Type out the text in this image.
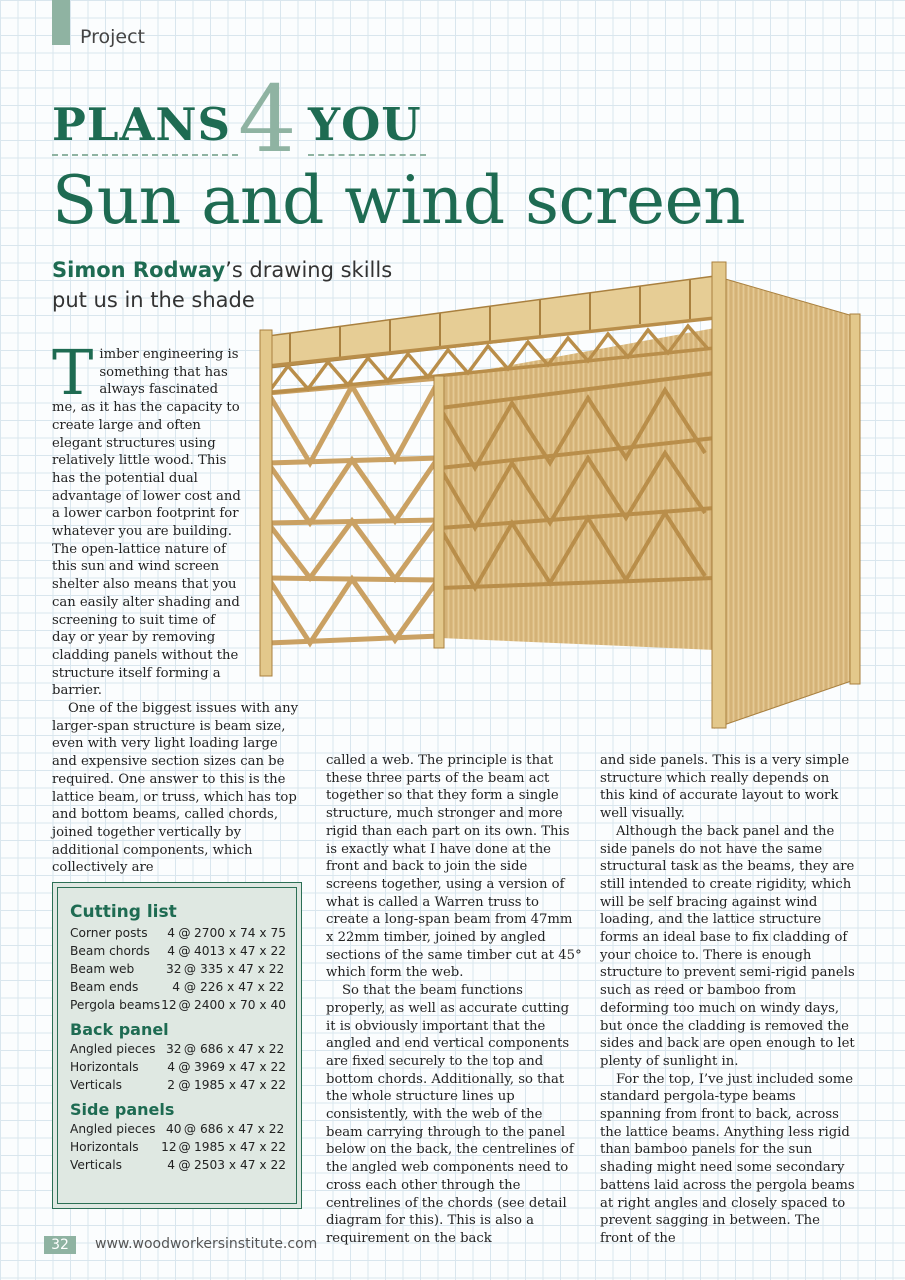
Project
PLANS 4 YOU
Sun and wind screen
Simon Rodway’s drawing skills
put us in the shade
Timber engineering is something that has always fascinated me, as it has the capacity to create large and often elegant structures using relatively little wood. This has the potential dual advantage of lower cost and a lower carbon footprint for whatever you are building. The open-lattice nature of this sun and wind screen shelter also means that you can easily alter shading and screening to suit time of day or year by removing cladding panels without the structure itself forming a barrier.

One of the biggest issues with any larger-span structure is beam size, even with very light loading large and expensive section sizes can be required. One answer to this is the lattice beam, or truss, which has top and bottom beams, called chords, joined together vertically by additional components, which collectively are

called a web. The principle is that these three parts of the beam act together so that they form a single structure, much stronger and more rigid than each part on its own. This is exactly what I have done at the front and back to join the side screens together, using a version of what is called a Warren truss to create a long-span beam from 47mm x 22mm timber, joined by angled sections of the same timber cut at 45° which form the web.

So that the beam functions properly, as well as accurate cutting it is obviously important that the angled and end vertical components are fixed securely to the top and bottom chords. Additionally, so that the whole structure lines up consistently, with the web of the beam carrying through to the panel below on the back, the centrelines of the angled web components need to cross each other through the centrelines of the chords (see detail diagram for this). This is also a requirement on the back

and side panels. This is a very simple structure which really depends on this kind of accurate layout to work well visually.

Although the back panel and the side panels do not have the same structural task as the beams, they are still intended to create rigidity, which will be self bracing against wind loading, and the lattice structure forms an ideal base to fix cladding of your choice to. There is enough structure to prevent semi-rigid panels such as reed or bamboo from deforming too much on windy days, but once the cladding is removed the sides and back are open enough to let plenty of sunlight in.

For the top, I’ve just included some standard pergola-type beams spanning from front to back, across the lattice beams. Anything less rigid than bamboo panels for the sun shading might need some secondary battens laid across the pergola beams at right angles and closely spaced to prevent sagging in between. The front of the

Cutting list
Corner posts	4 @ 2700 x 74 x 75
Beam chords	4 @ 4013 x 47 x 22
Beam web	32 @ 335 x 47 x 22
Beam ends	4 @ 226 x 47 x 22
Pergola beams 12 @ 2400 x 70 x 40
Back panel
Angled pieces 32 @ 686 x 47 x 22
Horizontals	4 @ 3969 x 47 x 22
Verticals	2 @ 1985 x 47 x 22
Side panels
Angled pieces 40 @ 686 x 47 x 22
Horizontals	12 @ 1985 x 47 x 22
Verticals	4 @ 2503 x 47 x 22
32	www.woodworkersinstitute.com
